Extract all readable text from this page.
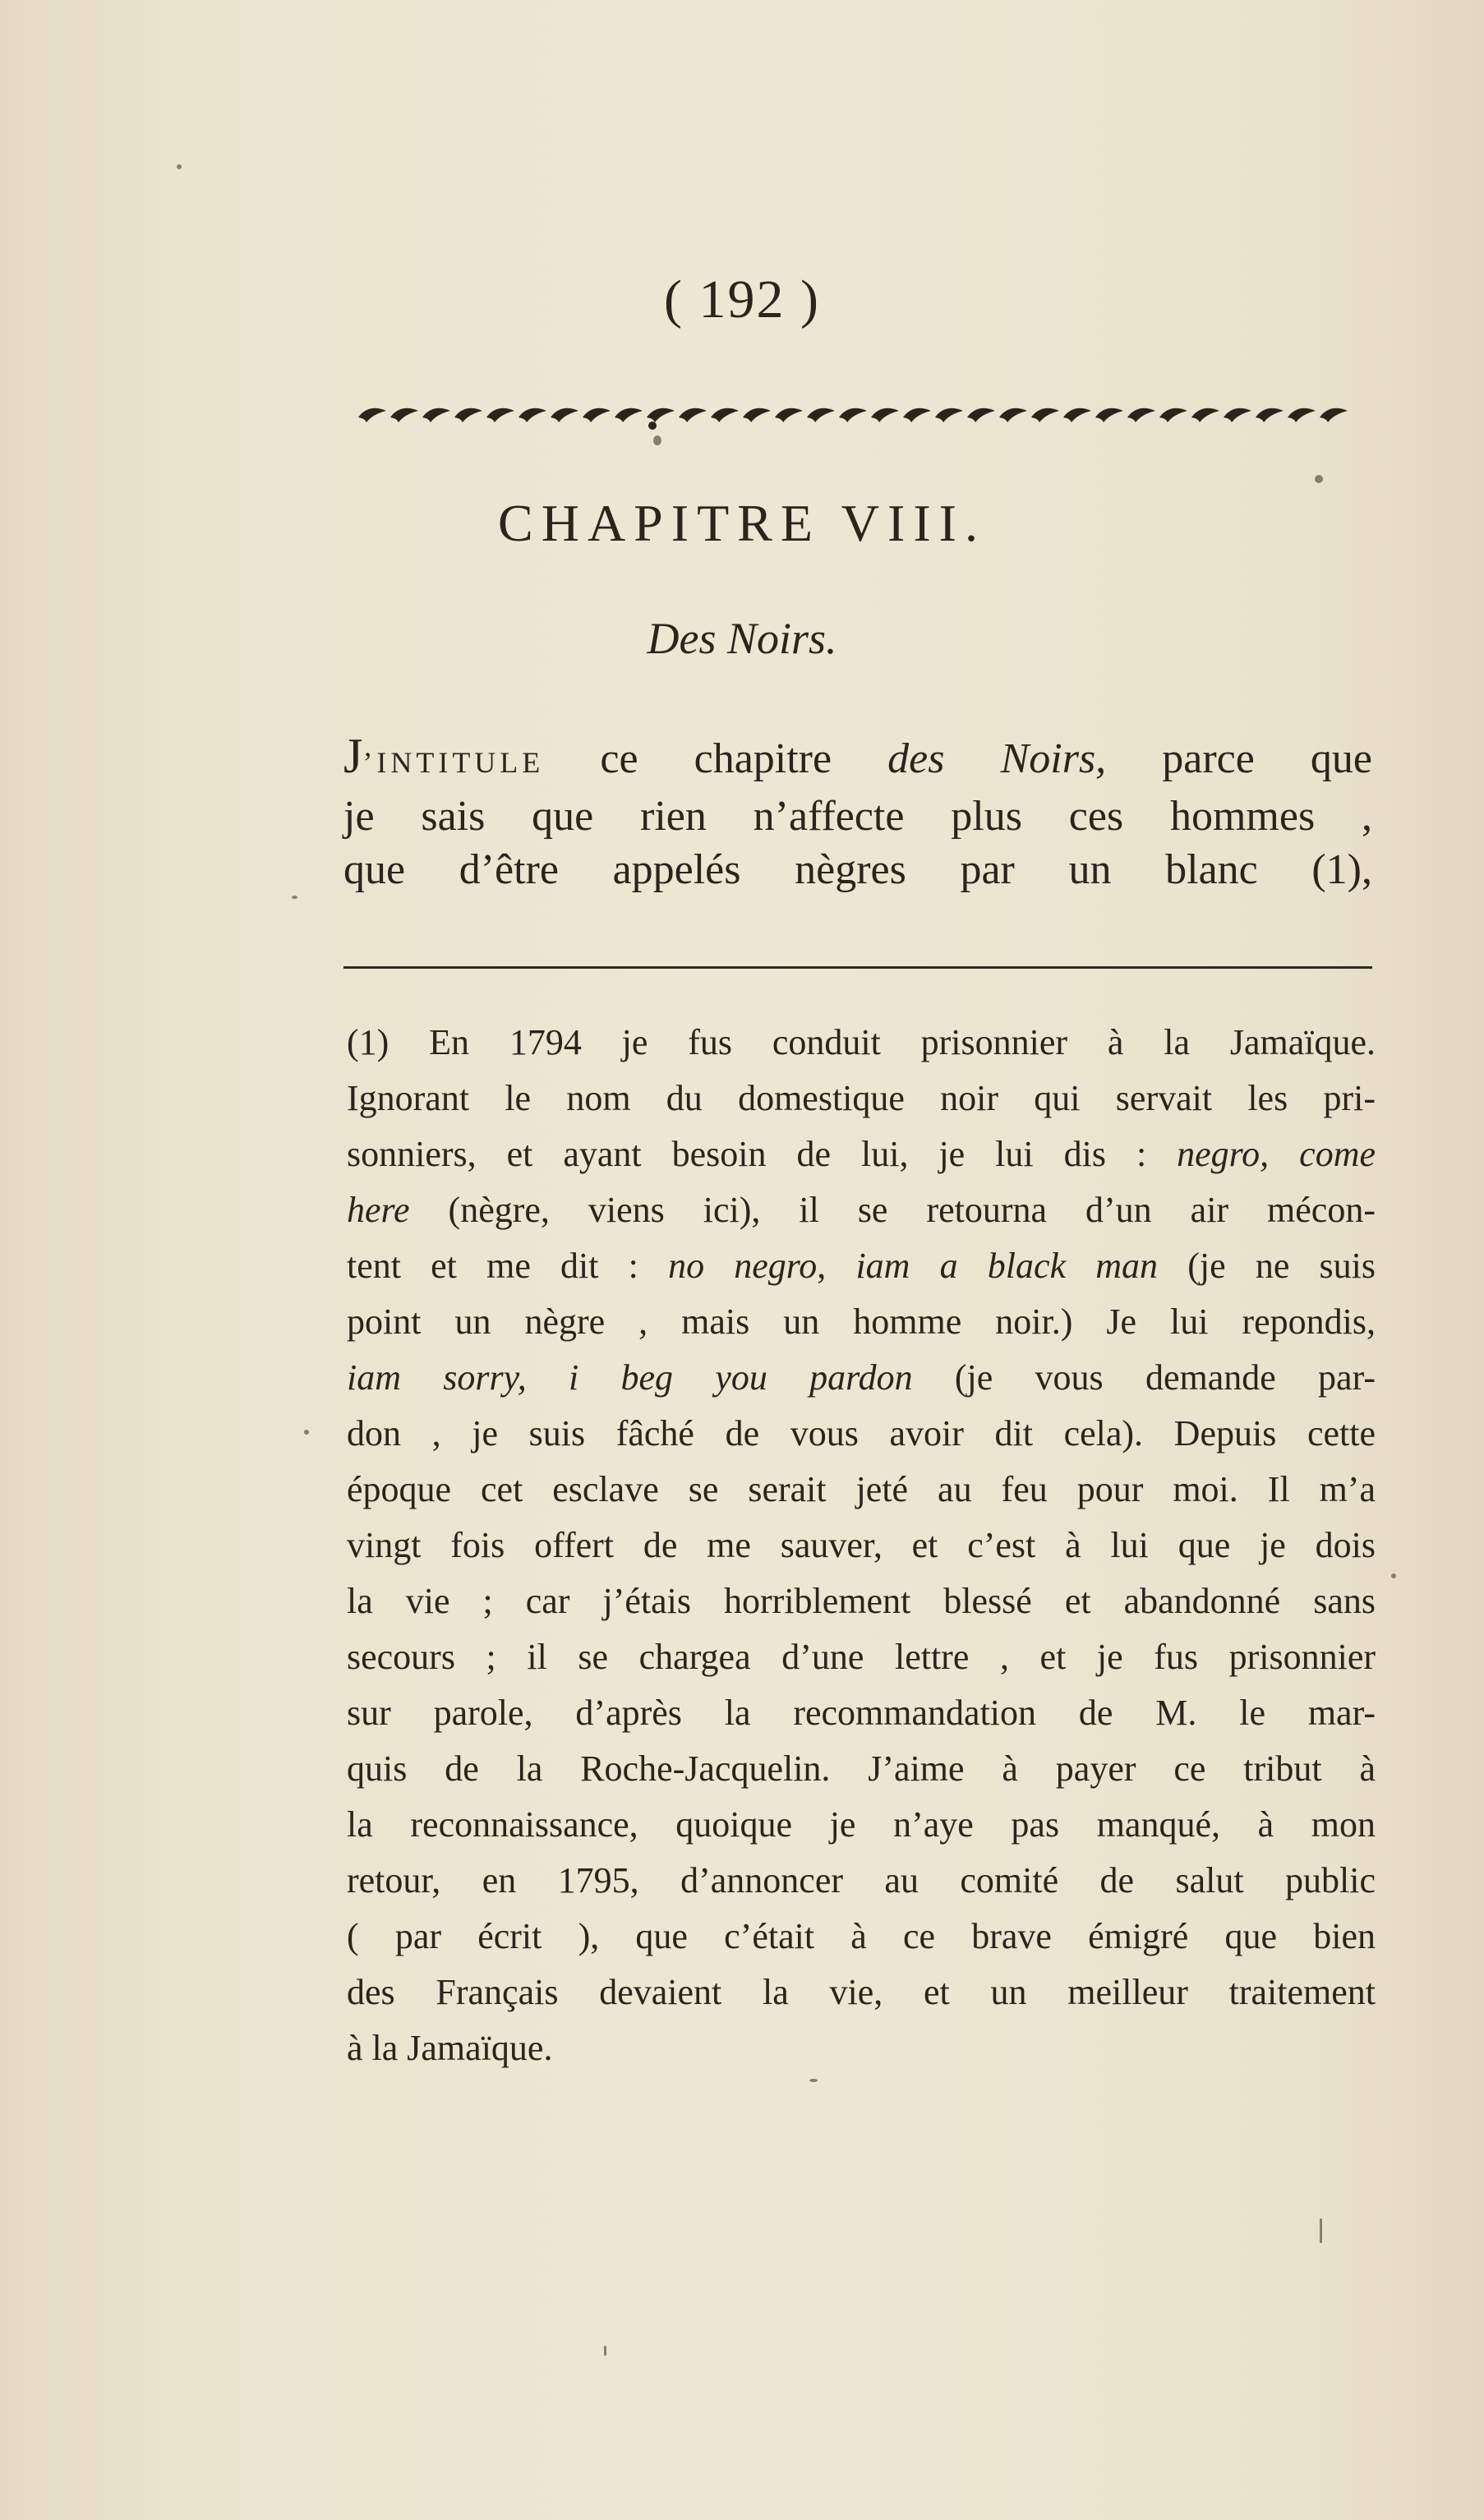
( 192 )
CHAPITRE VIII.
Des Noirs.
J’INTITULE ce chapitre des Noirs, parce que
je sais que rien n’affecte plus ces hommes ,
que d’être appelés nègres par un blanc (1),
(1) En 1794 je fus conduit prisonnier à la Jamaïque.
Ignorant le nom du domestique noir qui servait les pri-
sonniers, et ayant besoin de lui, je lui dis : negro, come
here (nègre, viens ici), il se retourna d’un air mécon-
tent et me dit : no negro, iam a black man (je ne suis
point un nègre , mais un homme noir.) Je lui repondis,
iam sorry, i beg you pardon (je vous demande par-
don , je suis fâché de vous avoir dit cela). Depuis cette
époque cet esclave se serait jeté au feu pour moi. Il m’a
vingt fois offert de me sauver, et c’est à lui que je dois
la vie ; car j’étais horriblement blessé et abandonné sans
secours ; il se chargea d’une lettre , et je fus prisonnier
sur parole, d’après la recommandation de M. le mar-
quis de la Roche-Jacquelin. J’aime à payer ce tribut à
la reconnaissance, quoique je n’aye pas manqué, à mon
retour, en 1795, d’annoncer au comité de salut public
( par écrit ), que c’était à ce brave émigré que bien
des Français devaient la vie, et un meilleur traitement
à la Jamaïque.
